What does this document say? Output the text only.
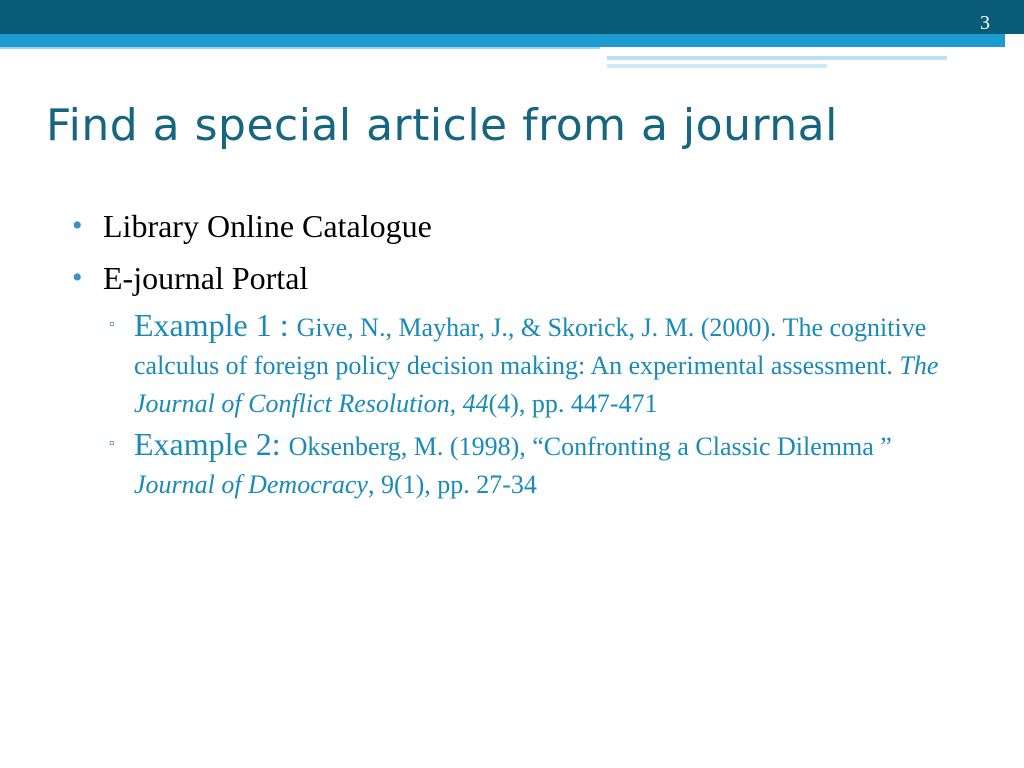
3
Find a special article from a journal
• Library Online Catalogue
• E-journal Portal
▫ Example 1 : Give, N., Mayhar, J., & Skorick, J. M. (2000). The cognitive calculus of foreign policy decision making: An experimental assessment. The Journal of Conflict Resolution, 44(4), pp. 447-471
▫ Example 2: Oksenberg, M. (1998), “Confronting a Classic Dilemma ” Journal of Democracy, 9(1), pp. 27-34
